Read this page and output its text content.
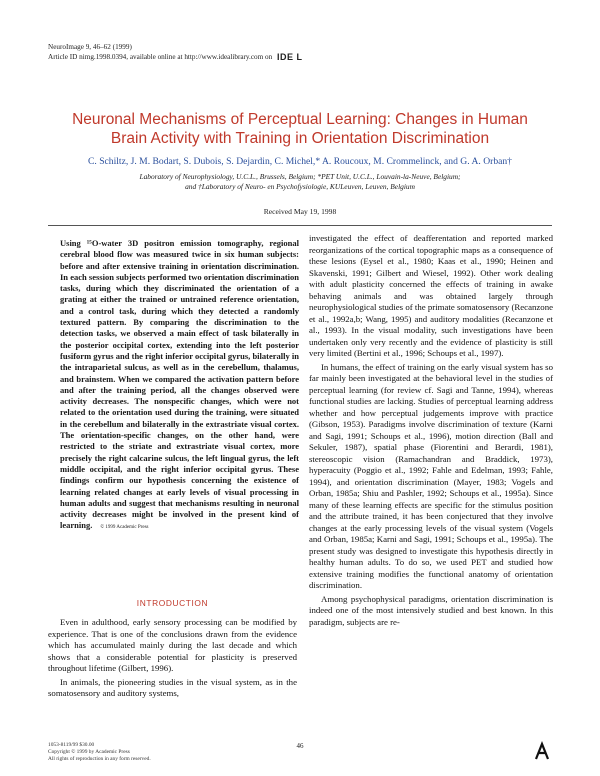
NeuroImage 9, 46–62 (1999)
Article ID nimg.1998.0394, available online at http://www.idealibrary.com on IDE L
Neuronal Mechanisms of Perceptual Learning: Changes in Human Brain Activity with Training in Orientation Discrimination
C. Schiltz, J. M. Bodart, S. Dubois, S. Dejardin, C. Michel,* A. Roucoux, M. Crommelinck, and G. A. Orban†
Laboratory of Neurophysiology, U.C.L., Brussels, Belgium; *PET Unit, U.C.L., Louvain-la-Neuve, Belgium;
and †Laboratory of Neuro- en Psychofysiologie, KULeuven, Leuven, Belgium
Received May 19, 1998
Using ¹⁵O-water 3D positron emission tomography, regional cerebral blood flow was measured twice in six human subjects: before and after extensive training in orientation discrimination. In each session subjects performed two orientation discrimination tasks, during which they discriminated the orientation of a grating at either the trained or untrained reference orientation, and a control task, during which they detected a randomly textured pattern. By comparing the discrimination to the detection tasks, we observed a main effect of task bilaterally in the posterior occipital cortex, extending into the left posterior fusiform gyrus and the right inferior occipital gyrus, bilaterally in the intraparietal sulcus, as well as in the cerebellum, thalamus, and brainstem. When we compared the activation pattern before and after the training period, all the changes observed were activity decreases. The nonspecific changes, which were not related to the orientation used during the training, were situated in the cerebellum and bilaterally in the extrastriate visual cortex. The orientation-specific changes, on the other hand, were restricted to the striate and extrastriate visual cortex, more precisely the right calcarine sulcus, the left lingual gyrus, the left middle occipital, and the right inferior occipital gyrus. These findings confirm our hypothesis concerning the existence of learning related changes at early levels of visual processing in human adults and suggest that mechanisms resulting in neuronal activity decreases might be involved in the present kind of learning. © 1999 Academic Press
INTRODUCTION

Even in adulthood, early sensory processing can be modified by experience. That is one of the conclusions drawn from the evidence which has accumulated mainly during the last decade and which shows that a considerable potential for plasticity is preserved throughout lifetime (Gilbert, 1996).

In animals, the pioneering studies in the visual system, as in the somatosensory and auditory systems,

investigated the effect of deafferentation and reported marked reorganizations of the cortical topographic maps as a consequence of these lesions (Eysel et al., 1980; Kaas et al., 1990; Heinen and Skavenski, 1991; Gilbert and Wiesel, 1992). Other work dealing with adult plasticity concerned the effects of training in awake behaving animals and was obtained largely through neurophysiological studies of the primate somatosensory (Recanzone et al., 1992a,b; Wang, 1995) and auditory modalities (Recanzone et al., 1993). In the visual modality, such investigations have been undertaken only very recently and the evidence of plasticity is still very limited (Bertini et al., 1996; Schoups et al., 1997).

In humans, the effect of training on the early visual system has so far mainly been investigated at the behavioral level in the studies of perceptual learning (for review cf. Sagi and Tanne, 1994), whereas functional studies are lacking. Studies of perceptual learning address whether and how perceptual judgements improve with practice (Gibson, 1953). Paradigms involve discrimination of texture (Karni and Sagi, 1991; Schoups et al., 1996), motion direction (Ball and Sekuler, 1987), spatial phase (Fiorentini and Berardi, 1981), stereoscopic vision (Ramachandran and Braddick, 1973), hyperacuity (Poggio et al., 1992; Fahle and Edelman, 1993; Fahle, 1994), and orientation discrimination (Mayer, 1983; Vogels and Orban, 1985a; Shiu and Pashler, 1992; Schoups et al., 1995a). Since many of these learning effects are specific for the stimulus position and the attribute trained, it has been conjectured that they involve changes at the early processing levels of the visual system (Vogels and Orban, 1985a; Karni and Sagi, 1991; Schoups et al., 1995a). The present study was designed to investigate this hypothesis directly in healthy human adults. To do so, we used PET and studied how extensive training modifies the functional anatomy of orientation discrimination.

Among psychophysical paradigms, orientation discrimination is indeed one of the most intensively studied and best known. In this paradigm, subjects are re-

1053-8119/99 $30.00
Copyright © 1999 by Academic Press
All rights of reproduction in any form reserved.
46
